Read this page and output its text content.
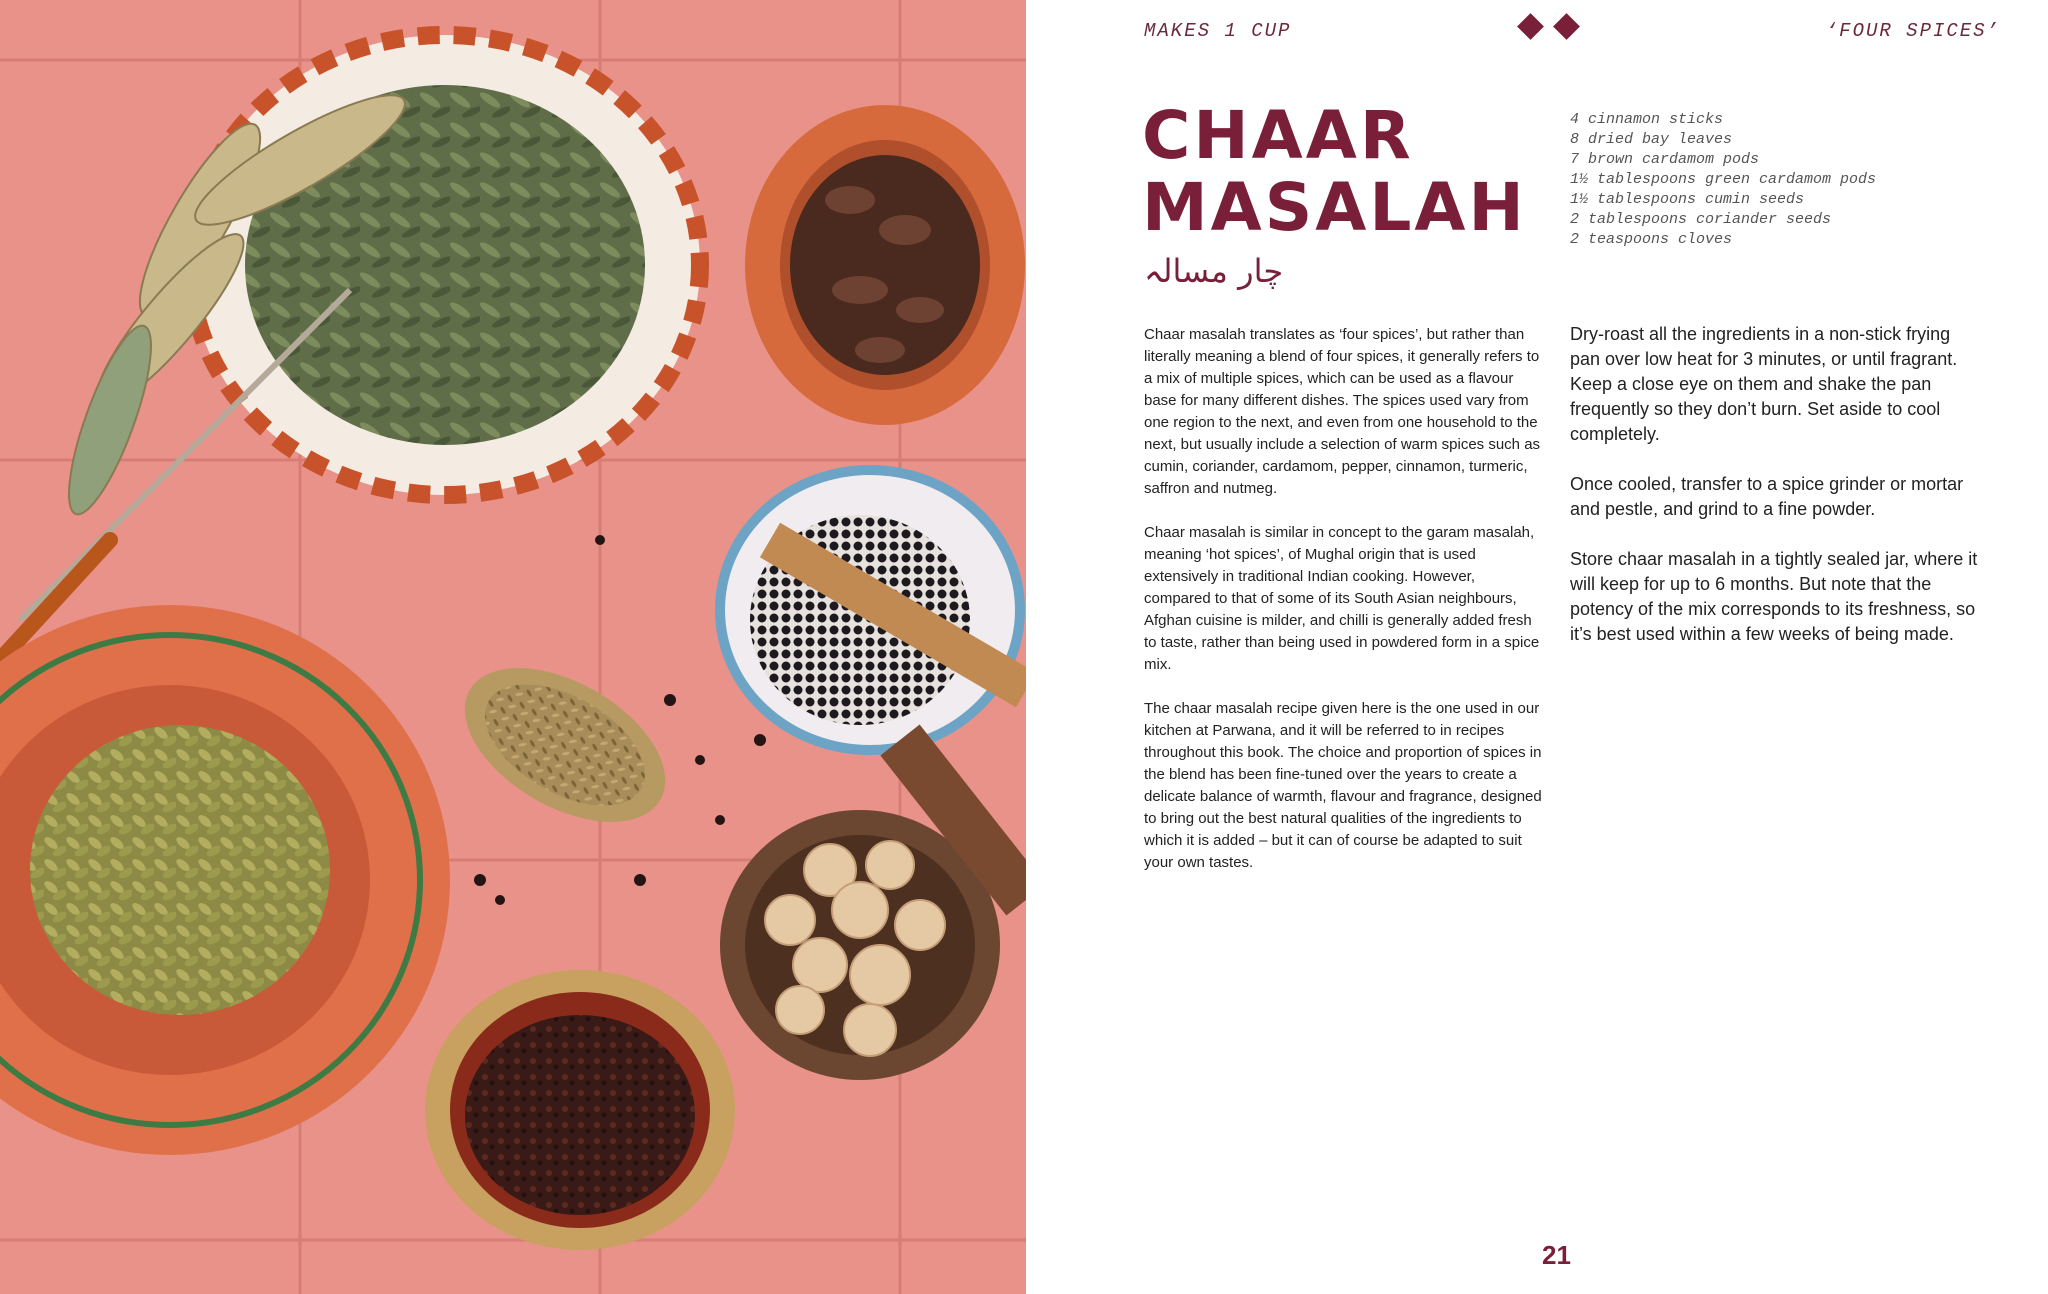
MAKES 1 CUP	‘FOUR SPICES’
CHAAR
MASALAH
چار مسالہ
4 cinnamon sticks
8 dried bay leaves
7 brown cardamom pods
1½ tablespoons green cardamom pods
1½ tablespoons cumin seeds
2 tablespoons coriander seeds
2 teaspoons cloves

Chaar masalah translates as ‘four spices’, but rather than literally meaning a blend of four spices, it generally refers to a mix of multiple spices, which can be used as a flavour base for many different dishes. The spices used vary from one region to the next, and even from one household to the next, but usually include a selection of warm spices such as cumin, coriander, cardamom, pepper, cinnamon, turmeric, saffron and nutmeg.

Chaar masalah is similar in concept to the garam masalah, meaning ‘hot spices’, of Mughal origin that is used extensively in traditional Indian cooking. However, compared to that of some of its South Asian neighbours, Afghan cuisine is milder, and chilli is generally added fresh to taste, rather than being used in powdered form in a spice mix.

The chaar masalah recipe given here is the one used in our kitchen at Parwana, and it will be referred to in recipes throughout this book. The choice and proportion of spices in the blend has been fine-tuned over the years to create a delicate balance of warmth, flavour and fragrance, designed to bring out the best natural qualities of the ingredients to which it is added – but it can of course be adapted to suit your own tastes.

Dry-roast all the ingredients in a non-stick frying pan over low heat for 3 minutes, or until fragrant. Keep a close eye on them and shake the pan frequently so they don’t burn. Set aside to cool completely.

Once cooled, transfer to a spice grinder or mortar and pestle, and grind to a fine powder.

Store chaar masalah in a tightly sealed jar, where it will keep for up to 6 months. But note that the potency of the mix corresponds to its freshness, so it’s best used within a few weeks of being made.

21
